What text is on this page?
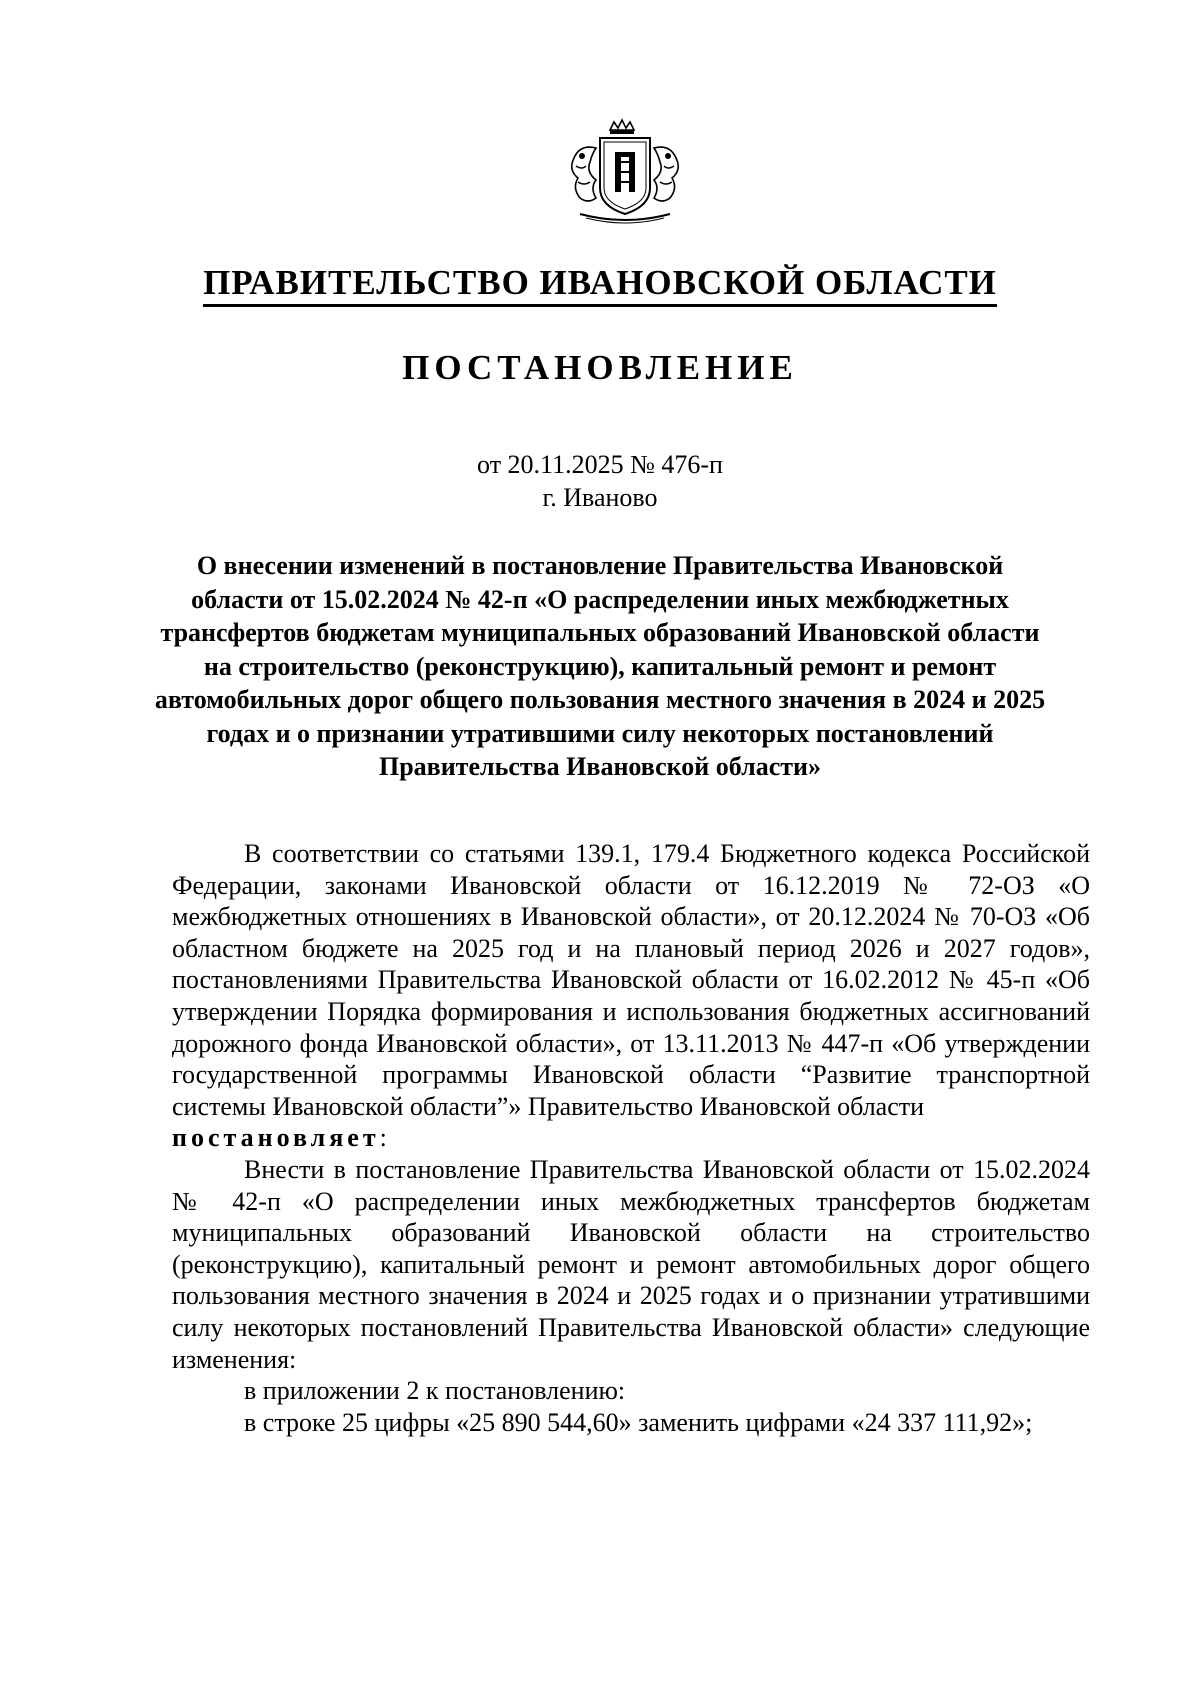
ПРАВИТЕЛЬСТВО ИВАНОВСКОЙ ОБЛАСТИ
ПОСТАНОВЛЕНИЕ
от 20.11.2025 № 476-п
г. Иваново
О внесении изменений в постановление Правительства Ивановской области от 15.02.2024 № 42-п «О распределении иных межбюджетных трансфертов бюджетам муниципальных образований Ивановской области на строительство (реконструкцию), капитальный ремонт и ремонт автомобильных дорог общего пользования местного значения в 2024 и 2025 годах и о признании утратившими силу некоторых постановлений Правительства Ивановской области»

В соответствии со статьями 139.1, 179.4 Бюджетного кодекса Российской Федерации, законами Ивановской области от 16.12.2019 № 72-ОЗ «О межбюджетных отношениях в Ивановской области», от 20.12.2024 № 70-ОЗ «Об областном бюджете на 2025 год и на плановый период 2026 и 2027 годов», постановлениями Правительства Ивановской области от 16.02.2012 № 45-п «Об утверждении Порядка формирования и использования бюджетных ассигнований дорожного фонда Ивановской области», от 13.11.2013 № 447-п «Об утверждении государственной программы Ивановской области “Развитие транспортной системы Ивановской области”» Правительство Ивановской области
постановляет:

Внести в постановление Правительства Ивановской области от 15.02.2024 № 42-п «О распределении иных межбюджетных трансфертов бюджетам муниципальных образований Ивановской области на строительство (реконструкцию), капитальный ремонт и ремонт автомобильных дорог общего пользования местного значения в 2024 и 2025 годах и о признании утратившими силу некоторых постановлений Правительства Ивановской области» следующие изменения:

в приложении 2 к постановлению:

в строке 25 цифры «25 890 544,60» заменить цифрами «24 337 111,92»;
